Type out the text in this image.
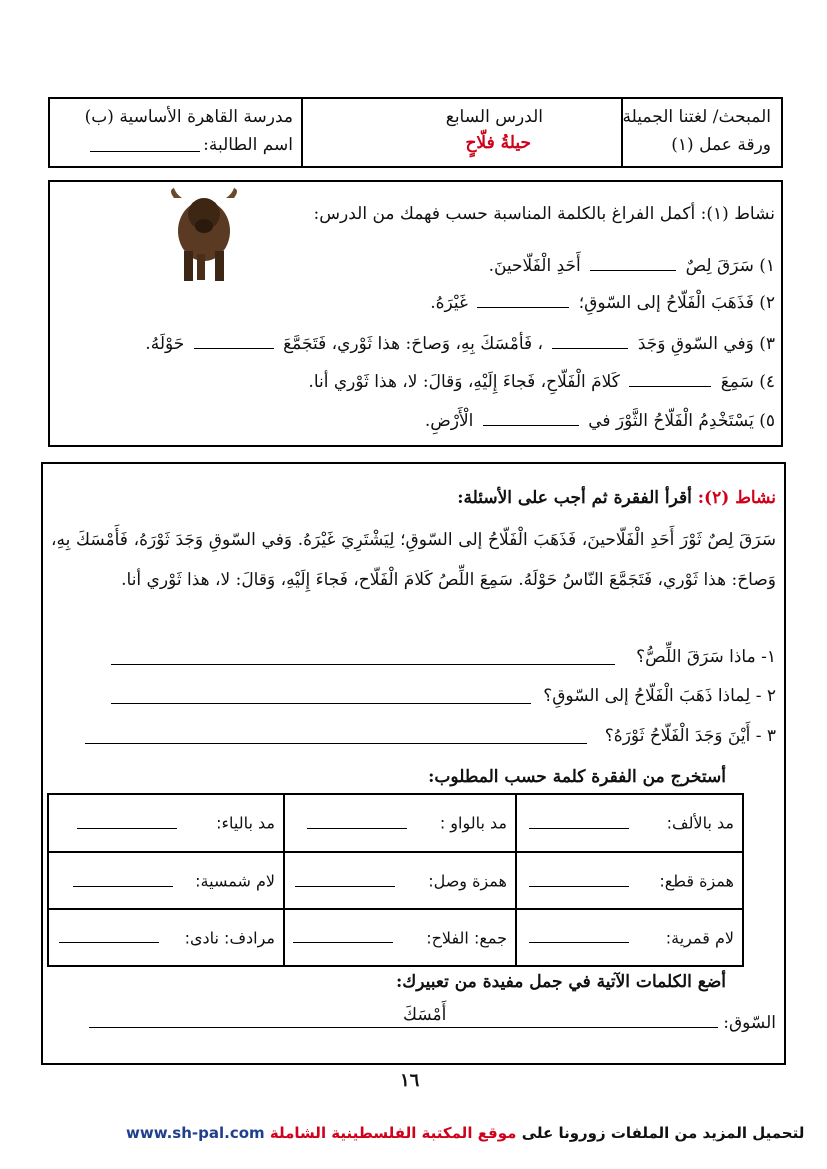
المبحث/ لغتنا الجميلة
ورقة عمل (١)
الدرس السابع
حيلةُ فلّاحٍ
مدرسة القاهرة الأساسية (ب)
اسم الطالبة:
نشاط (١): أكمل الفراغ بالكلمة المناسبة حسب فهمك من الدرس:
١) سَرَقَ لِصٌ  أَحَدِ الْفَلّاحينَ.
٢) فَذَهَبَ الْفَلّاحُ إلى السّوقِ؛  غَيْرَهُ.
٣) وَفي السّوقِ وَجَدَ  ، فَأمْسَكَ بِهِ، وَصاحَ: هذا ثَوْري، فَتَجَمَّعَ  حَوْلَهُ.
٤) سَمِعَ  كَلامَ الْفَلّاحِ، فَجاءَ إِلَيْهِ، وَقالَ: لا، هذا ثَوْري أنا.
٥) يَسْتَخْدِمُ الْفَلّاحُ الثَّوْرَ في  الْأَرْضِ.
نشاط (٢): أقرأ الفقرة ثم أجب على الأسئلة:
سَرَقَ لِصٌ ثَوْرَ أَحَدِ الْفَلّاحينَ، فَذَهَبَ الْفَلّاحُ إلى السّوقِ؛ لِيَشْتَرِيَ غَيْرَهُ. وَفي السّوقِ وَجَدَ ثَوْرَهُ، فَأَمْسَكَ بِهِ، وَصاحَ: هذا ثَوْري، فَتَجَمَّعَ النّاسُ حَوْلَهُ. سَمِعَ اللِّصُ كَلامَ الْفَلّاح، فَجاءَ إِلَيْهِ، وَقالَ: لا، هذا ثَوْري أنا.
١- ماذا سَرَقَ اللِّصُّ؟
٢ - لِماذا ذَهَبَ الْفَلّاحُ إلى السّوقِ؟
٣ - أَيْنَ وَجَدَ الْفَلّاحُ ثَوْرَهُ؟
أستخرج من الفقرة كلمة حسب المطلوب:
أضع الكلمات الآتية في جمل مفيدة من تعبيرك:
السّوق:
أَمْسَكَ
مد بالألف:
مد بالواو :
مد بالياء:
همزة قطع:
همزة وصل:
لام شمسية:
لام قمرية:
جمع: الفلاح:
مرادف: نادى:
١٦
www.sh-pal.com	لتحميل المزيد من الملفات زورونا على موقع المكتبة الفلسطينية الشاملة
